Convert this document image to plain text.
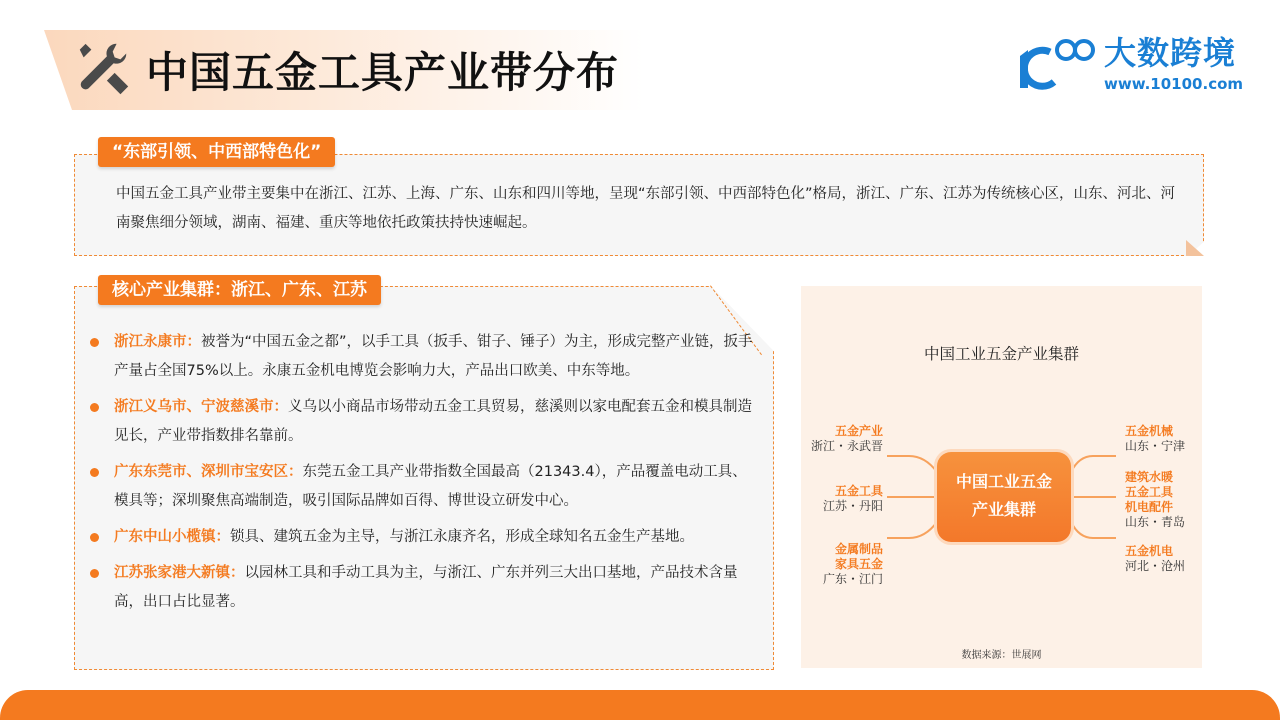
中国五金工具产业带分布	大数跨境
www.10100.com
“东部引领、中西部特色化”
中国五金工具产业带主要集中在浙江、江苏、上海、广东、山东和四川等地，呈现“东部引领、中西部特色化”格局，浙江、广东、江苏为传统核心区，山东、河北、河南聚焦细分领域，湖南、福建、重庆等地依托政策扶持快速崛起。
核心产业集群：浙江、广东、江苏
浙江永康市：被誉为“中国五金之都”，以手工具（扳手、钳子、锤子）为主，形成完整产业链，扳手产量占全国75%以上。永康五金机电博览会影响力大，产品出口欧美、中东等地。
浙江义乌市、宁波慈溪市：义乌以小商品市场带动五金工具贸易，慈溪则以家电配套五金和模具制造见长，产业带指数排名靠前。
广东东莞市、深圳市宝安区：东莞五金工具产业带指数全国最高（21343.4），产品覆盖电动工具、模具等；深圳聚焦高端制造，吸引国际品牌如百得、博世设立研发中心。
广东中山小榄镇：锁具、建筑五金为主导，与浙江永康齐名，形成全球知名五金生产基地。
江苏张家港大新镇：以园林工具和手动工具为主，与浙江、广东并列三大出口基地，产品技术含量高，出口占比显著。
中国工业五金产业集群
中国工业五金
产业集群
五金产业
浙江・永武晋
五金工具
江苏・丹阳
金属制品
家具五金
广东・江门
五金机械
山东・宁津
建筑水暖
五金工具
机电配件
山东・青岛
五金机电
河北・沧州
数据来源：世展网
